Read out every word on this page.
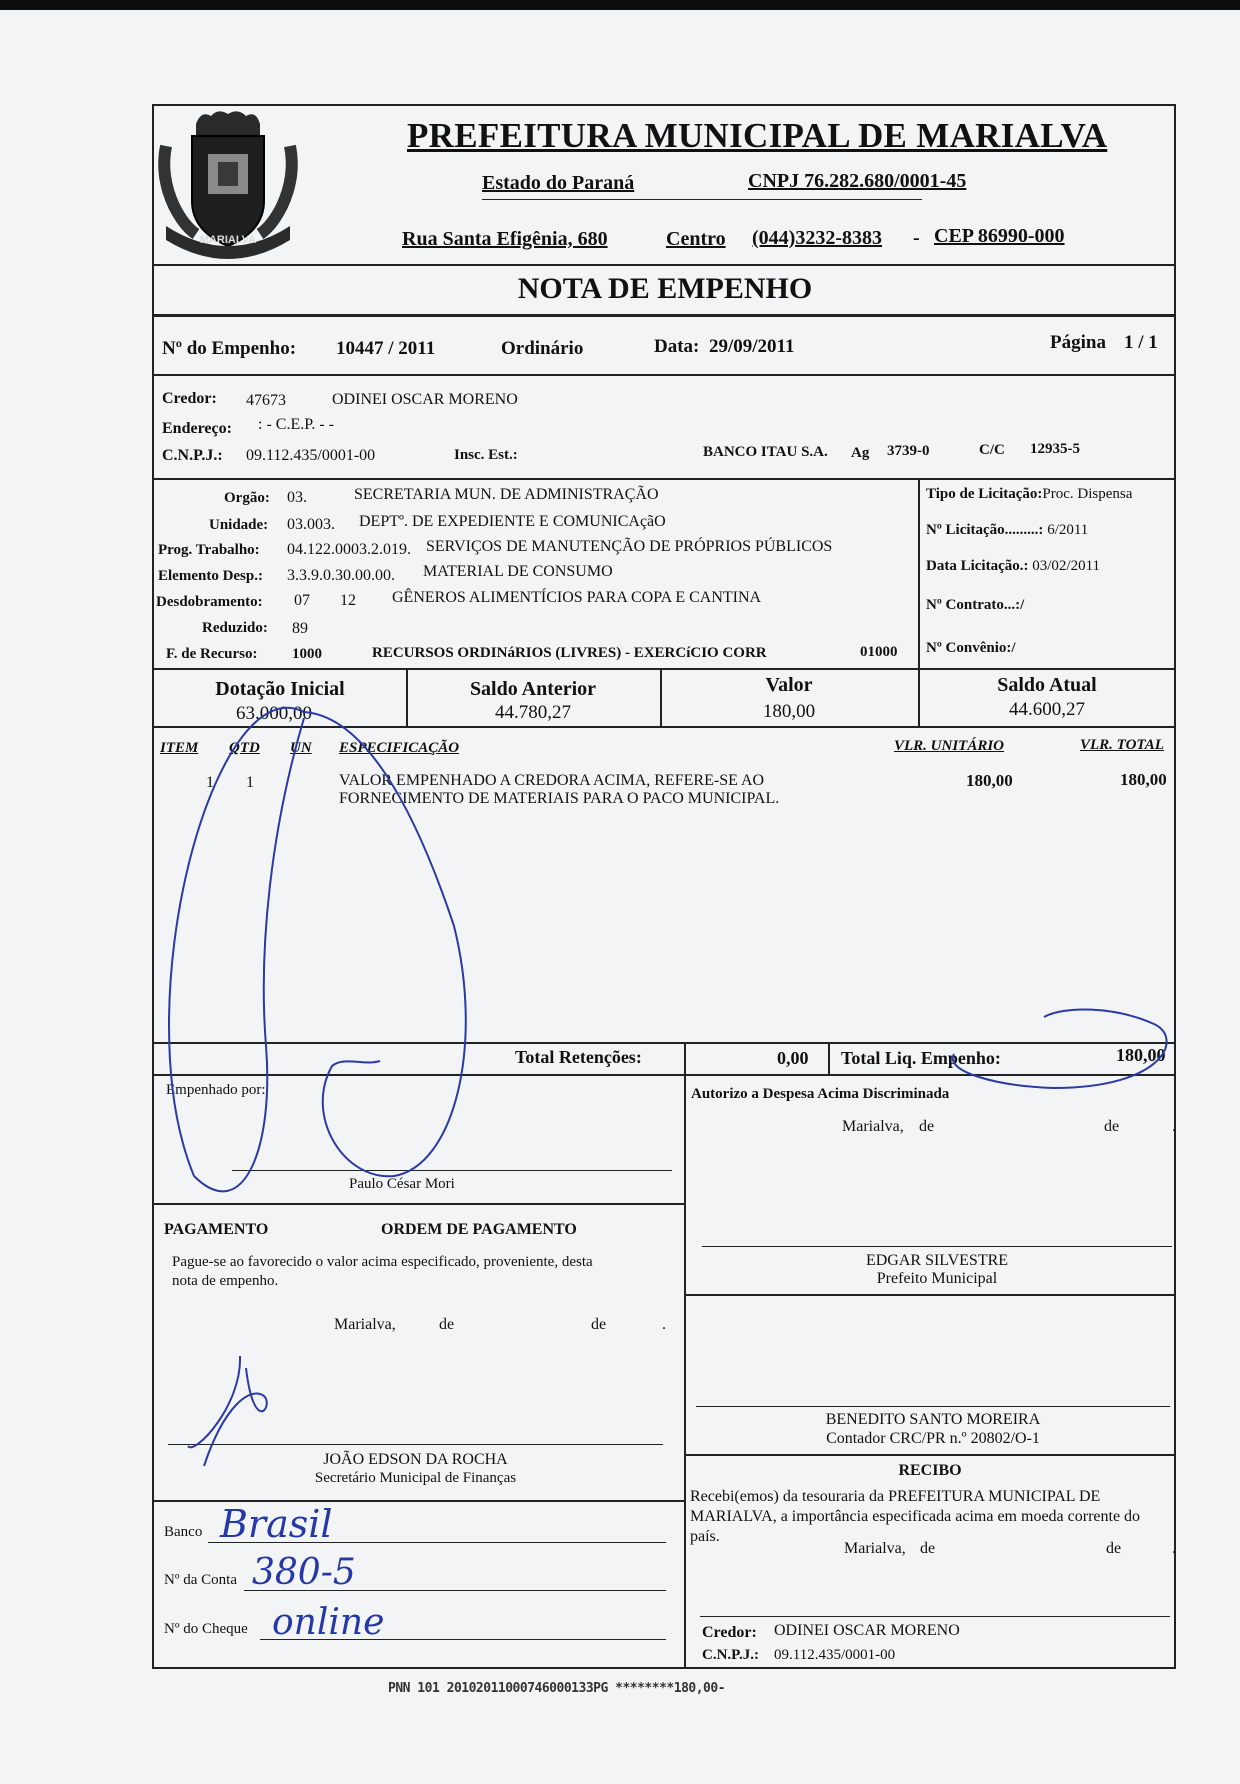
MARIALVA
PREFEITURA MUNICIPAL DE MARIALVA
Estado do Paraná	CNPJ 76.282.680/0001-45
Rua Santa Efigênia, 680	Centro (044)3232-8383 - CEP 86990-000
NOTA DE EMPENHO
Nº do Empenho: 10447 / 2011	Ordinário	Data: 29/09/2011	Página 1 / 1
Credor: 47673	ODINEI OSCAR MORENO
Endereço: : - C.E.P. - -
C.N.P.J.: 09.112.435/0001-00	Insc. Est.:	BANCO ITAU S.A. Ag 3739-0	C/C 12935-5
Orgão: 03.	SECRETARIA MUN. DE ADMINISTRAÇÃO
Unidade: 03.003. DEPTº. DE EXPEDIENTE E COMUNICAçãO
Prog. Trabalho: 04.122.0003.2.019. SERVIÇOS DE MANUTENÇÃO DE PRÓPRIOS PÚBLICOS
Elemento Desp.: 3.3.9.0.30.00.00. MATERIAL DE CONSUMO
Desdobramento: 07 12 GÊNEROS ALIMENTÍCIOS PARA COPA E CANTINA
Reduzido: 89
F. de Recurso: 1000	RECURSOS ORDINáRIOS (LIVRES) - EXERCíCIO CORR	01000
Tipo de Licitação:Proc. Dispensa
Nº Licitação.........: 6/2011
Data Licitação.: 03/02/2011
Nº Contrato...:/
Nº Convênio:/
Dotação Inicial
63.000,00
Saldo Anterior
44.780,27
Valor
180,00
Saldo Atual
44.600,27
ITEM QTD UN ESPECIFICAÇÃO	VLR. UNITÁRIO	VLR. TOTAL
1 1	VALOR EMPENHADO A CREDORA ACIMA, REFERE-SE AO
FORNECIMENTO DE MATERIAIS PARA O PACO MUNICIPAL.
180,00	180,00
Total Retenções:	0,00 Total Liq. Empenho:	180,00
Empenhado por:
Paulo César Mori
Autorizo a Despesa Acima Discriminada
Marialva, de	de	.
EDGAR SILVESTRE
Prefeito Municipal
PAGAMENTO	ORDEM DE PAGAMENTO
Pague-se ao favorecido o valor acima especificado, proveniente, desta
nota de empenho.
Marialva,	de	de	.
JOÃO EDSON DA ROCHA
Secretário Municipal de Finanças
BENEDITO SANTO MOREIRA
Contador CRC/PR n.º 20802/O-1
Banco Brasil
Nº da Conta 380-5
Nº do Cheque online
RECIBO
Recebi(emos) da tesouraria da PREFEITURA MUNICIPAL DE
MARIALVA, a importância especificada acima em moeda corrente do
país.
Marialva, de	de	.
Credor: ODINEI OSCAR MORENO
C.N.P.J.: 09.112.435/0001-00
PNN 101 20102011000746000133PG ********180,00-
